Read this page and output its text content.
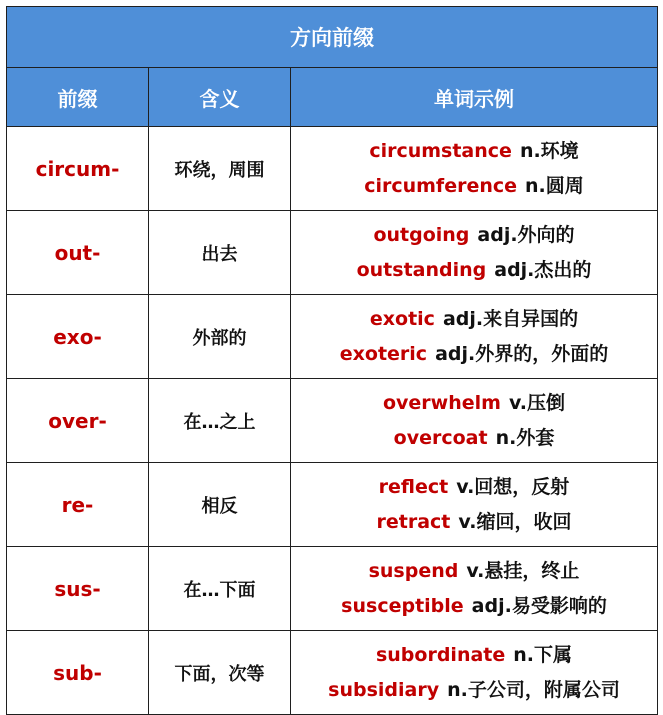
方向前缀		
前缀	含义	单词示例
circum-	环绕，周围	circumstance n.环境
circumference n.圆周

out-	出去	outgoing adj.外向的
outstanding adj.杰出的

exo-	外部的	exotic adj.来自异国的
exoteric adj.外界的，外面的

over-	在…之上	overwhelm v.压倒
overcoat n.外套

re-	相反	reflect v.回想，反射
retract v.缩回，收回

sus-	在…下面	suspend v.悬挂，终止
susceptible adj.易受影响的

sub-	下面，次等	subordinate n.下属
subsidiary n.子公司，附属公司
